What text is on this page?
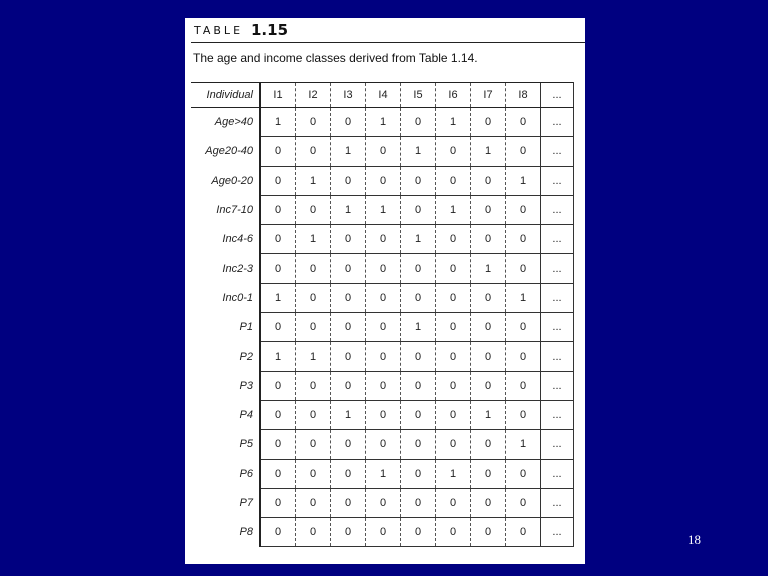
TABLE 1.15
The age and income classes derived from Table 1.14.
Individual	I1	I2	I3	I4	I5	I6	I7	I8	...
Age>40	1	0	0	1	0	1	0	0	...
Age20-40	0	0	1	0	1	0	1	0	...
Age0-20	0	1	0	0	0	0	0	1	...
Inc7-10	0	0	1	1	0	1	0	0	...
Inc4-6	0	1	0	0	1	0	0	0	...
Inc2-3	0	0	0	0	0	0	1	0	...
Inc0-1	1	0	0	0	0	0	0	1	...
P1	0	0	0	0	1	0	0	0	...
P2	1	1	0	0	0	0	0	0	...
P3	0	0	0	0	0	0	0	0	...
P4	0	0	1	0	0	0	1	0	...
P5	0	0	0	0	0	0	0	1	...
P6	0	0	0	1	0	1	0	0	...
P7	0	0	0	0	0	0	0	0	...
P8	0	0	0	0	0	0	0	0	...	18
